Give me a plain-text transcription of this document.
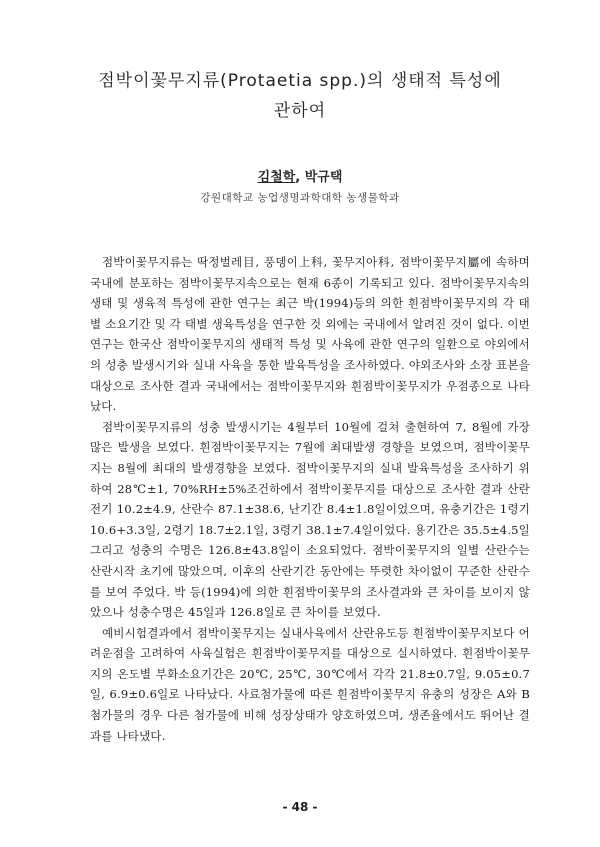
점박이꽃무지류(Protaetia spp.)의 생태적 특성에
관하여
김철학, 박규택
강원대학교 농업생명과학대학 농생물학과

점박이꽃무지류는 딱정벌레目, 풍뎅이上科, 꽃무지아科, 점박이꽃무지屬에 속하며 국내에 분포하는 점박이꽃무지속으로는 현재 6종이 기록되고 있다. 점박이꽃무지속의 생태 및 생육적 특성에 관한 연구는 최근 박(1994)등의 의한 흰점박이꽃무지의 각 태별 소요기간 및 각 태별 생육특성을 연구한 것 외에는 국내에서 알려진 것이 없다. 이번 연구는 한국산 점박이꽃무지의 생태적 특성 및 사육에 관한 연구의 일환으로 야외에서의 성충 발생시기와 실내 사육을 통한 발육특성을 조사하였다. 야외조사와 소장 표본을 대상으로 조사한 결과 국내에서는 점박이꽃무지와 흰점박이꽃무지가 우점종으로 나타났다.

점박이꽃무지류의 성충 발생시기는 4월부터 10월에 걸쳐 출현하여 7, 8월에 가장 많은 발생을 보였다. 흰점박이꽃무지는 7월에 최대발생 경향을 보였으며, 점박이꽃무지는 8월에 최대의 발생경향을 보였다. 점박이꽃무지의 실내 발육특성을 조사하기 위하여 28℃±1, 70%RH±5%조건하에서 점박이꽃무지를 대상으로 조사한 결과 산란전기 10.2±4.9, 산란수 87.1±38.6, 난기간 8.4±1.8일이었으며, 유충기간은 1령기 10.6+3.3일, 2령기 18.7±2.1일, 3령기 38.1±7.4일이었다. 용기간은 35.5±4.5일 그리고 성충의 수명은 126.8±43.8일이 소요되었다. 점박이꽃무지의 일별 산란수는 산란시작 초기에 많았으며, 이후의 산란기간 동안에는 뚜렷한 차이없이 꾸준한 산란수를 보여 주었다. 박 등(1994)에 의한 흰점박이꽃무의 조사결과와 큰 차이를 보이지 않았으나 성충수명은 45일과 126.8일로 큰 차이를 보였다.

예비시험결과에서 점박이꽃무지는 실내사육에서 산란유도등 흰점박이꽃무지보다 어려운점을 고려하여 사육실험은 흰점박이꽃무지를 대상으로 실시하였다. 흰점박이꽃무지의 온도별 부화소요기간은 20℃, 25℃, 30℃에서 각각 21.8±0.7일, 9.05±0.7일, 6.9±0.6일로 나타났다. 사료첨가물에 따른 흰점박이꽃무지 유충의 성장은 A와 B첨가물의 경우 다른 첨가물에 비해 성장상태가 양호하였으며, 생존율에서도 뛰어난 결과를 나타냈다.

- 48 -
